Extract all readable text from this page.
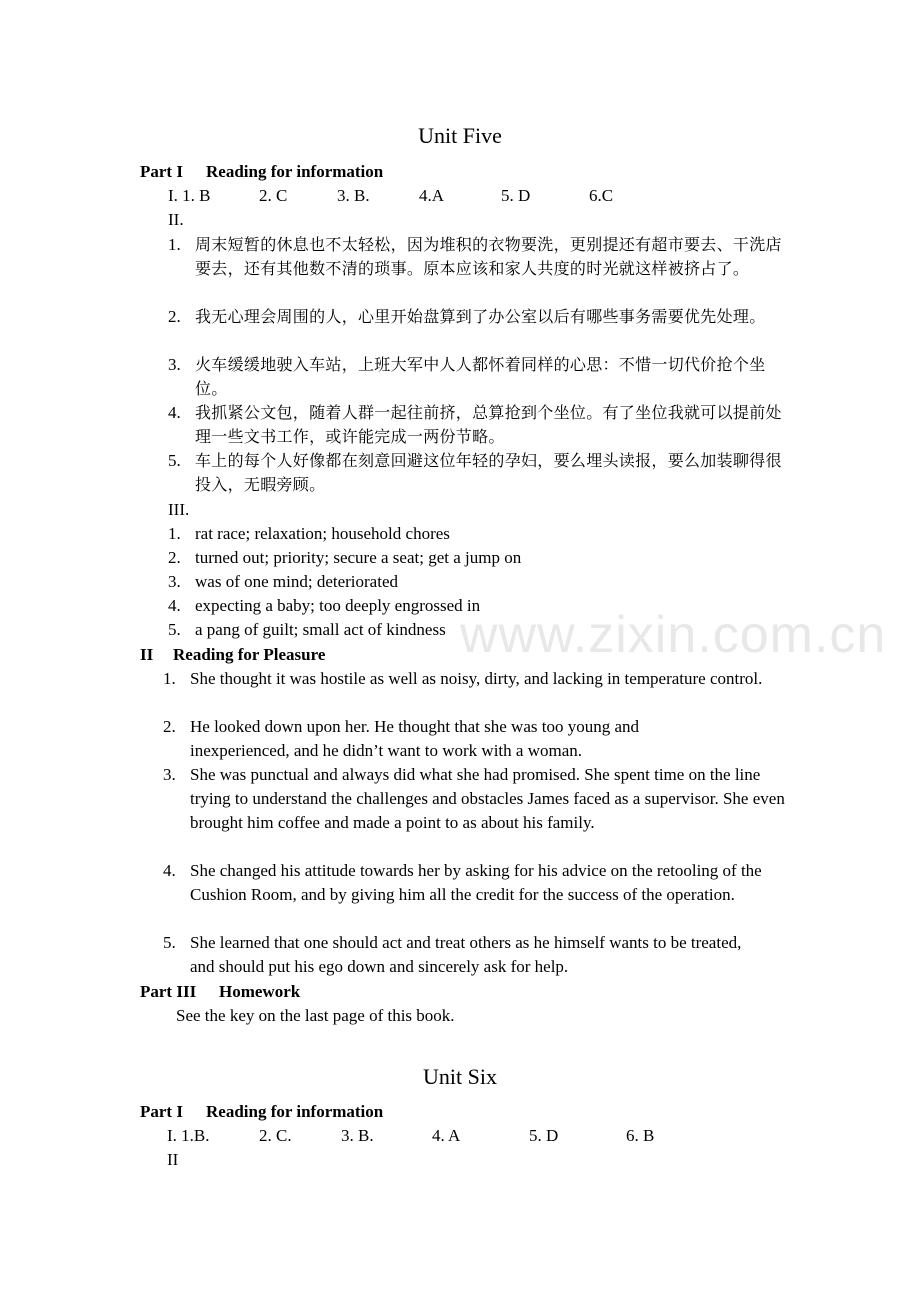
www.zixin.com.cn
Unit Five
Part I Reading for information
I. 1. B	2. C	3. B.	4.A	5. D	6.C
II.
1. 周末短暂的休息也不太轻松，因为堆积的衣物要洗，更别提还有超市要去、干洗店要去，还有其他数不清的琐事。原本应该和家人共度的时光就这样被挤占了。
2. 我无心理会周围的人，心里开始盘算到了办公室以后有哪些事务需要优先处理。
3. 火车缓缓地驶入车站，上班大军中人人都怀着同样的心思：不惜一切代价抢个坐位。
4. 我抓紧公文包，随着人群一起往前挤，总算抢到个坐位。有了坐位我就可以提前处理一些文书工作，或许能完成一两份节略。
5. 车上的每个人好像都在刻意回避这位年轻的孕妇，要么埋头读报，要么加装聊得很投入，无暇旁顾。
III.
1. rat race; relaxation; household chores
2. turned out; priority; secure a seat; get a jump on
3. was of one mind; deteriorated
4. expecting a baby; too deeply engrossed in
5. a pang of guilt; small act of kindness
II Reading for Pleasure
1. She thought it was hostile as well as noisy, dirty, and lacking in temperature control.
2. He looked down upon her. He thought that she was too young and inexperienced, and he didn’t want to work with a woman.
3. She was punctual and always did what she had promised. She spent time on the line trying to understand the challenges and obstacles James faced as a supervisor. She even brought him coffee and made a point to as about his family.
4. She changed his attitude towards her by asking for his advice on the retooling of the Cushion Room, and by giving him all the credit for the success of the operation.
5. She learned that one should act and treat others as he himself wants to be treated, and should put his ego down and sincerely ask for help.
Part III Homework
See the key on the last page of this book.
Unit Six
Part I Reading for information
I. 1.B.	2. C.	3. B.	4. A	5. D	6. B
II
